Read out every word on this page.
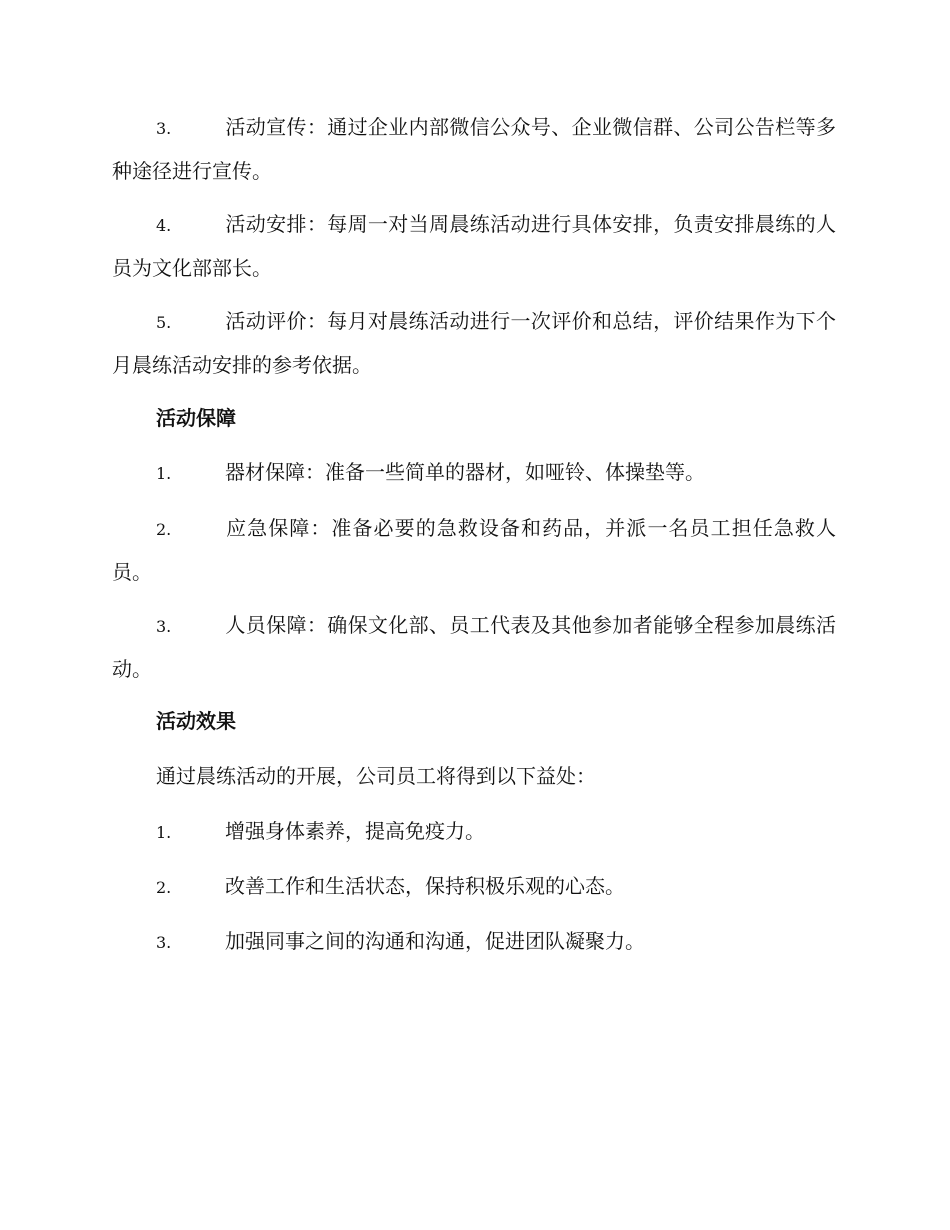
3.	活动宣传：通过企业内部微信公众号、企业微信群、公司公告栏等多种途径进行宣传。

4.	活动安排：每周一对当周晨练活动进行具体安排，负责安排晨练的人员为文化部部长。

5.	活动评价：每月对晨练活动进行一次评价和总结，评价结果作为下个月晨练活动安排的参考依据。

活动保障

1.	器材保障：准备一些简单的器材，如哑铃、体操垫等。

2.	应急保障：准备必要的急救设备和药品，并派一名员工担任急救人员。

3.	人员保障：确保文化部、员工代表及其他参加者能够全程参加晨练活动。

活动效果

通过晨练活动的开展，公司员工将得到以下益处：

1.	增强身体素养，提高免疫力。

2.	改善工作和生活状态，保持积极乐观的心态。

3.	加强同事之间的沟通和沟通，促进团队凝聚力。
